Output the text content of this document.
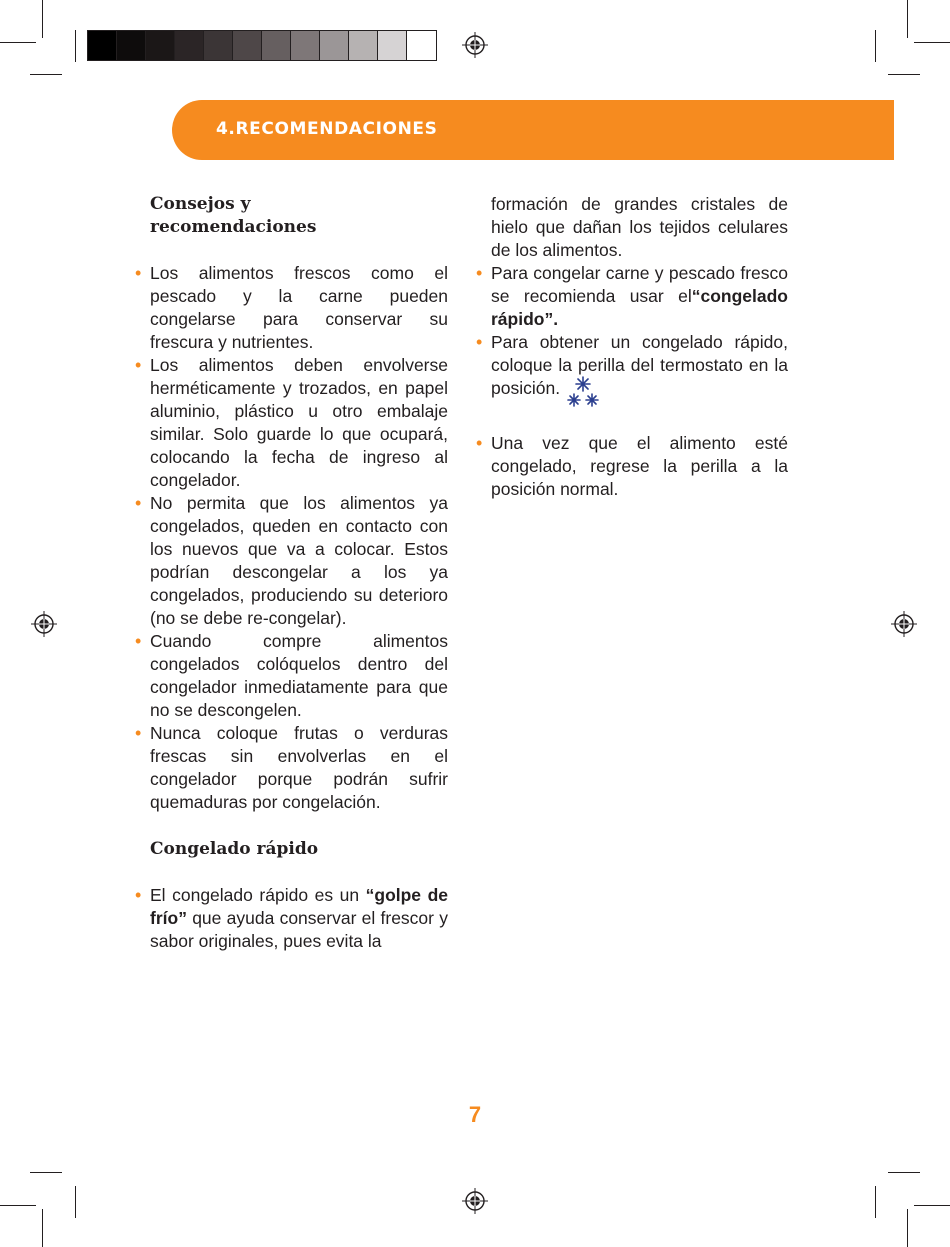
4.RECOMENDACIONES
Consejos y recomendaciones
• Los alimentos frescos como el pescado y la carne pueden congelarse para conservar su frescura y nutrientes.
• Los alimentos deben envolverse herméticamente y trozados, en papel aluminio, plástico u otro embalaje similar. Solo guarde lo que ocupará, colocando la fecha de ingreso al congelador.
• No permita que los alimentos ya congelados, queden en contacto con los nuevos que va a colocar. Estos podrían descongelar a los ya congelados, produciendo su deterioro (no se debe re-congelar).
• Cuando compre alimentos congelados colóquelos dentro del congelador inmediatamente para que no se descongelen.
• Nunca coloque frutas o verduras frescas sin envolverlas en el congelador porque podrán sufrir quemaduras por congelación.
Congelado rápido
• El congelado rápido es un “golpe de frío” que ayuda conservar el frescor y sabor originales, pues evita la

formación de grandes cristales de hielo que dañan los tejidos celulares de los alimentos.

• Para congelar carne y pescado fresco se recomienda usar el“congelado rápido”.
• Para obtener un congelado rápido, coloque la perilla del termostato en la posición.
• Una vez que el alimento esté congelado, regrese la perilla a la posición normal.
7
